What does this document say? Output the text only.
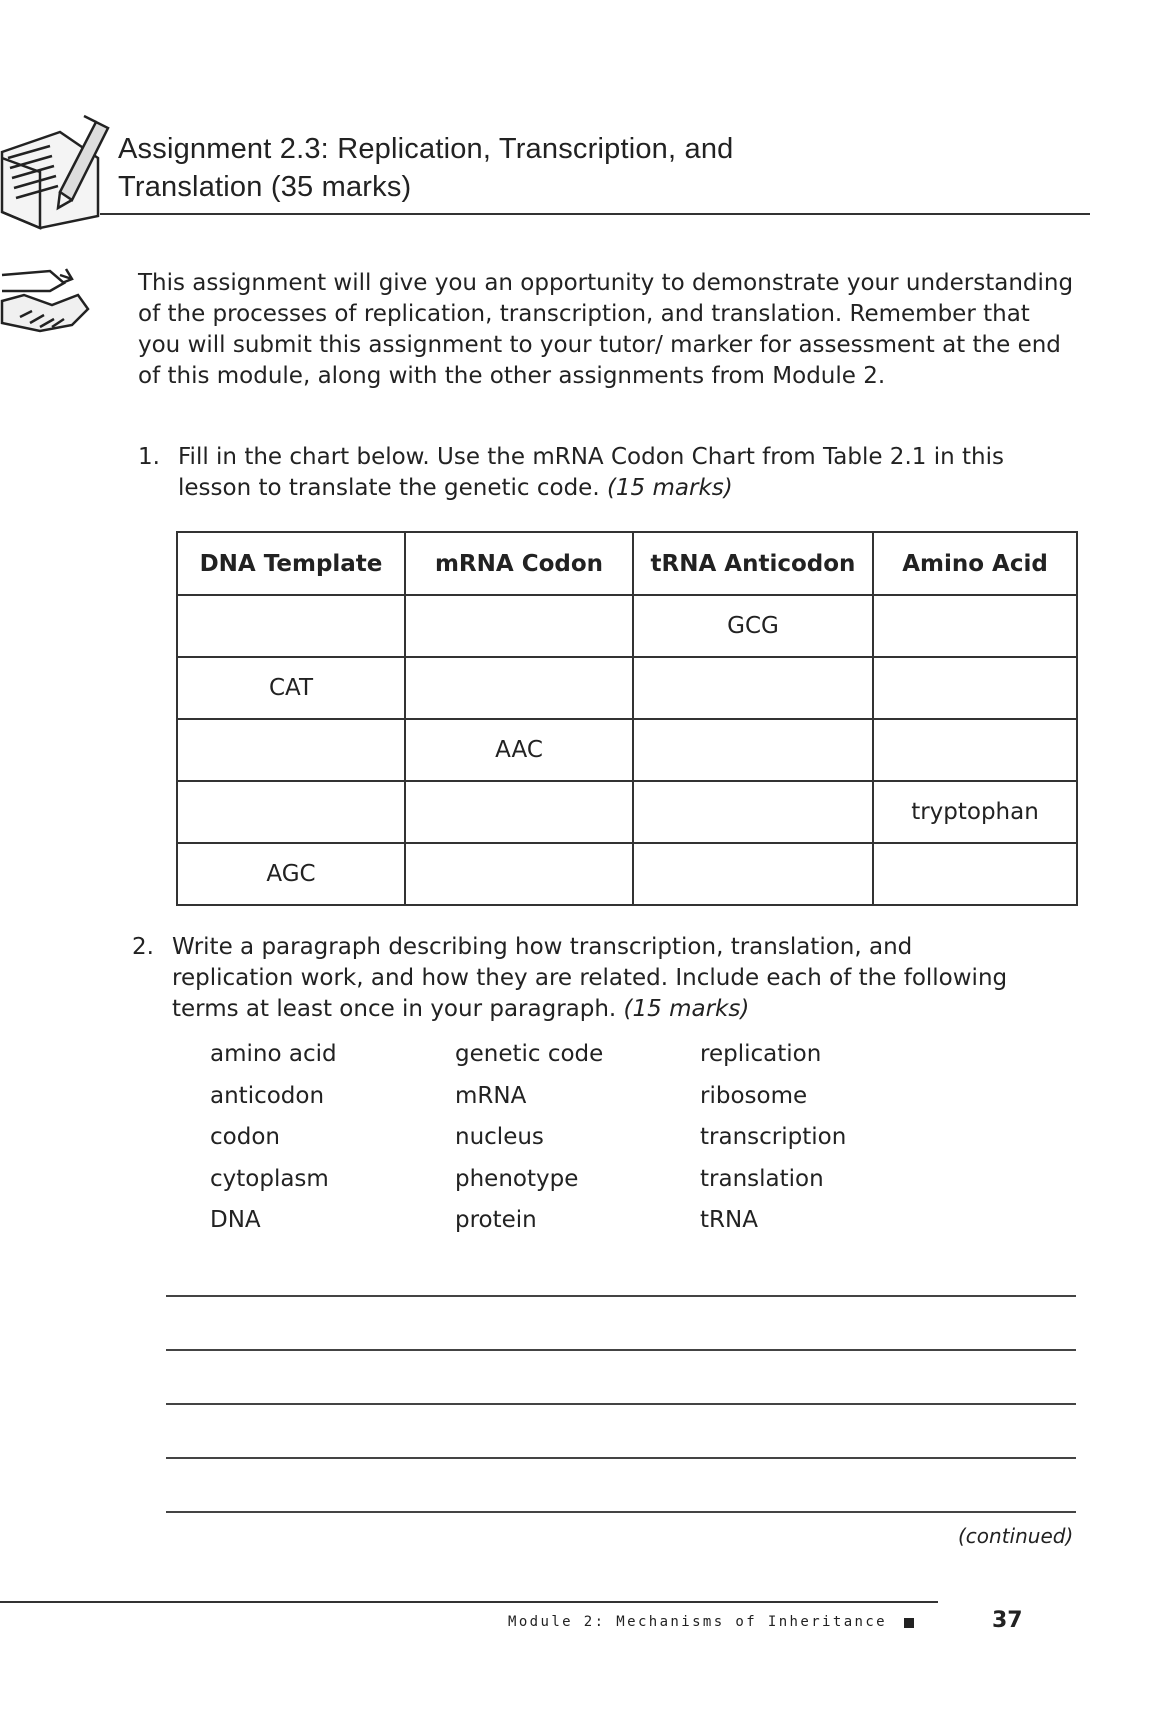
Assignment 2.3: Replication, Transcription, and
Translation (35 marks)
This assignment will give you an opportunity to demonstrate your understanding of the processes of replication, transcription, and translation. Remember that you will submit this assignment to your tutor/ marker for assessment at the end of this module, along with the other assignments from Module 2.
1. Fill in the chart below. Use the mRNA Codon Chart from Table 2.1 in this
lesson to translate the genetic code. (15 marks)
DNA Template	mRNA Codon	tRNA Anticodon	Amino Acid
		GCG	
CAT			
	AAC		
			tryptophan
AGC			
2. Write a paragraph describing how transcription, translation, and
replication work, and how they are related. Include each of the following
terms at least once in your paragraph. (15 marks)
amino acid
anticodon
codon
cytoplasm
DNA
genetic code
mRNA
nucleus
phenotype
protein
replication
ribosome
transcription
translation
tRNA
(continued)
Module 2: Mechanisms of Inheritance	37
